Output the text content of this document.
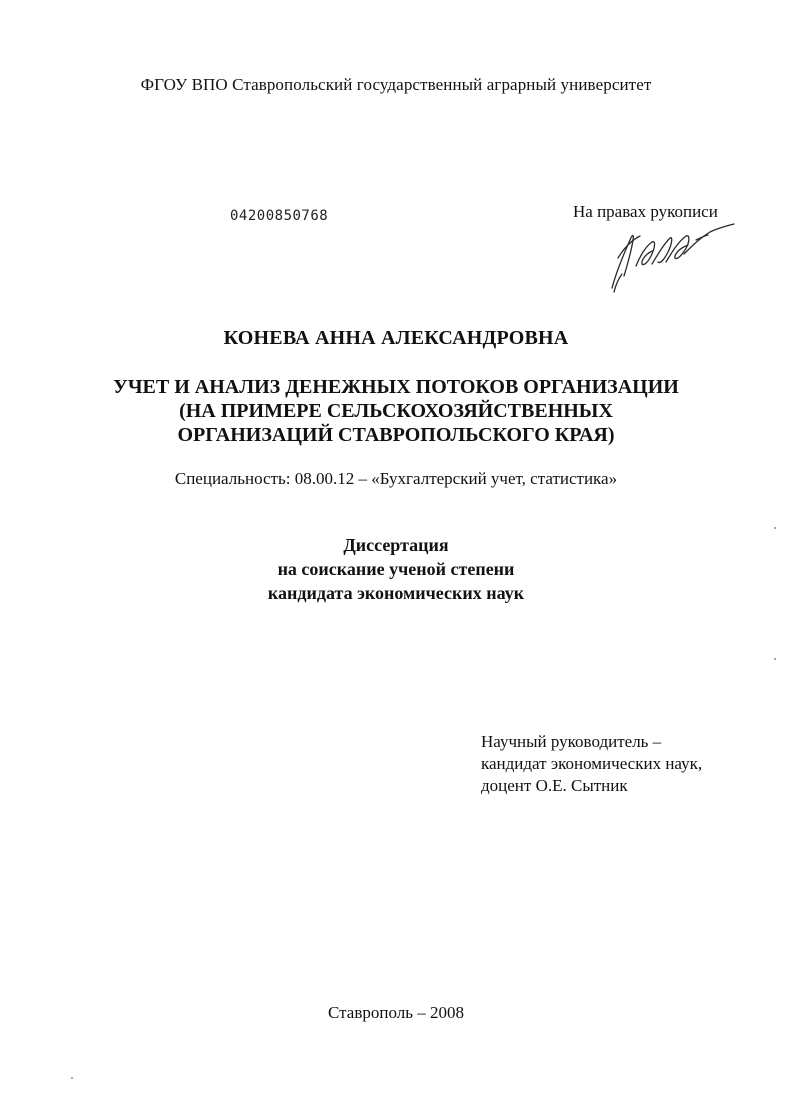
ФГОУ ВПО Ставропольский государственный аграрный университет
04200850768	На правах рукописи
КОНЕВА АННА АЛЕКСАНДРОВНА
УЧЕТ И АНАЛИЗ ДЕНЕЖНЫХ ПОТОКОВ ОРГАНИЗАЦИИ
(НА ПРИМЕРЕ СЕЛЬСКОХОЗЯЙСТВЕННЫХ
ОРГАНИЗАЦИЙ СТАВРОПОЛЬСКОГО КРАЯ)
Специальность: 08.00.12 – «Бухгалтерский учет, статистика»
Диссертация
на соискание ученой степени
кандидата экономических наук
Научный руководитель –
кандидат экономических наук,
доцент О.Е. Сытник
Ставрополь – 2008
